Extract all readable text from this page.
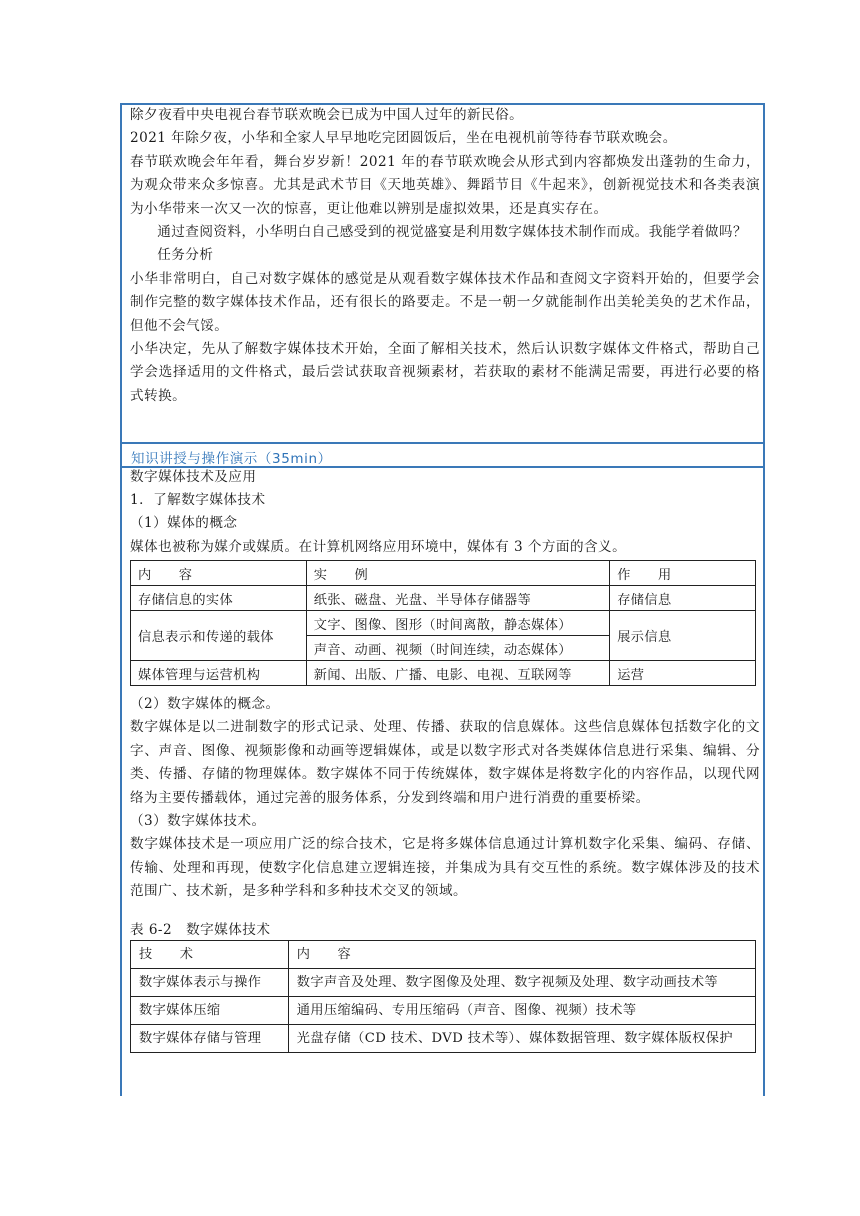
除夕夜看中央电视台春节联欢晚会已成为中国人过年的新民俗。

2021 年除夕夜，小华和全家人早早地吃完团圆饭后，坐在电视机前等待春节联欢晚会。

春节联欢晚会年年看，舞台岁岁新！2021 年的春节联欢晚会从形式到内容都焕发出蓬勃的生命力，为观众带来众多惊喜。尤其是武术节目《天地英雄》、舞蹈节目《牛起来》，创新视觉技术和各类表演为小华带来一次又一次的惊喜，更让他难以辨别是虚拟效果，还是真实存在。

通过查阅资料，小华明白自己感受到的视觉盛宴是利用数字媒体技术制作而成。我能学着做吗？

任务分析

小华非常明白，自己对数字媒体的感觉是从观看数字媒体技术作品和查阅文字资料开始的，但要学会制作完整的数字媒体技术作品，还有很长的路要走。不是一朝一夕就能制作出美轮美奂的艺术作品，但他不会气馁。

小华决定，先从了解数字媒体技术开始，全面了解相关技术，然后认识数字媒体文件格式，帮助自己学会选择适用的文件格式，最后尝试获取音视频素材，若获取的素材不能满足需要，再进行必要的格式转换。

知识讲授与操作演示（35min）

数字媒体技术及应用

1．了解数字媒体技术

（1）媒体的概念

媒体也被称为媒介或媒质。在计算机网络应用环境中，媒体有 3 个方面的含义。

内　　容	实　　例	作　　用
存储信息的实体	纸张、磁盘、光盘、半导体存储器等	存储信息
信息表示和传递的载体	文字、图像、图形（时间离散，静态媒体）	展示信息
	声音、动画、视频（时间连续，动态媒体）	
媒体管理与运营机构	新闻、出版、广播、电影、电视、互联网等	运营

（2）数字媒体的概念。

数字媒体是以二进制数字的形式记录、处理、传播、获取的信息媒体。这些信息媒体包括数字化的文字、声音、图像、视频影像和动画等逻辑媒体，或是以数字形式对各类媒体信息进行采集、编辑、分类、传播、存储的物理媒体。数字媒体不同于传统媒体，数字媒体是将数字化的内容作品，以现代网络为主要传播载体，通过完善的服务体系，分发到终端和用户进行消费的重要桥梁。

（3）数字媒体技术。

数字媒体技术是一项应用广泛的综合技术，它是将多媒体信息通过计算机数字化采集、编码、存储、传输、处理和再现，使数字化信息建立逻辑连接，并集成为具有交互性的系统。数字媒体涉及的技术范围广、技术新，是多种学科和多种技术交叉的领域。

表 6-2　数字媒体技术
技　　术	内　　容
数字媒体表示与操作	数字声音及处理、数字图像及处理、数字视频及处理、数字动画技术等
数字媒体压缩	通用压缩编码、专用压缩码（声音、图像、视频）技术等
数字媒体存储与管理	光盘存储（CD 技术、DVD 技术等）、媒体数据管理、数字媒体版权保护
